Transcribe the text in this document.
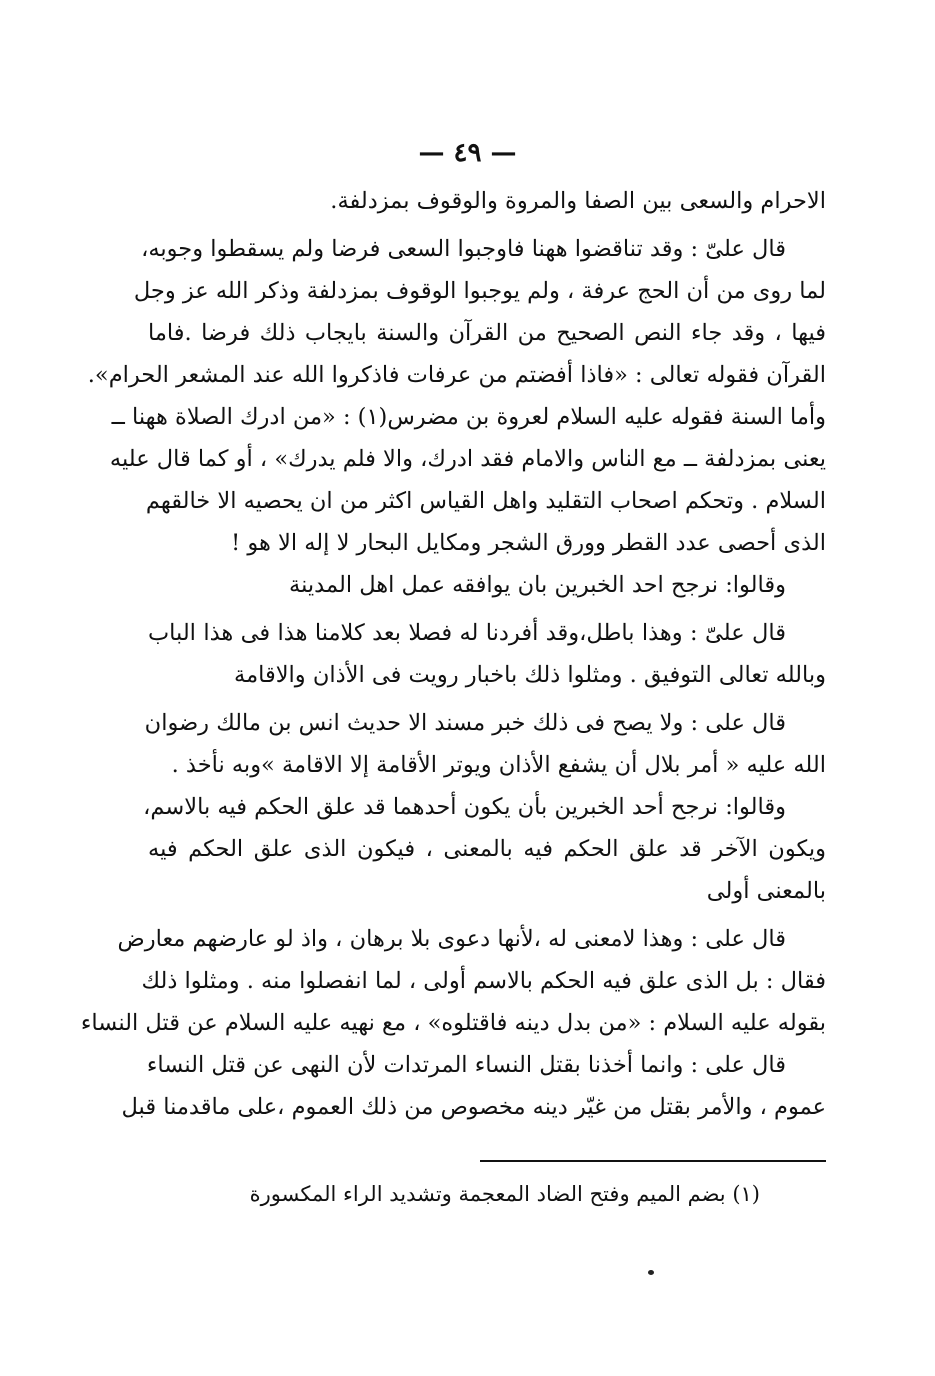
— ٤٩ —
الاحرام والسعى بين الصفا والمروة والوقوف بمزدلفة.
قال علىّ : وقد تناقضوا ههنا فاوجبوا السعى فرضا ولم يسقطوا وجوبه،
لما روى من أن الحج عرفة ، ولم يوجبوا الوقوف بمزدلفة وذكر الله عز وجل
فيها ، وقد جاء النص الصحيح من القرآن والسنة بايجاب ذلك فرضا .فاما
القرآن فقوله تعالى : «فاذا أفضتم من عرفات فاذكروا الله عند المشعر الحرام».
وأما السنة فقوله عليه السلام لعروة بن مضرس(١) : «من ادرك الصلاة ههنا ــ
يعنى بمزدلفة ــ مع الناس والامام فقد ادرك، والا فلم يدرك» ، أو كما قال عليه
السلام . وتحكم اصحاب التقليد واهل القياس اكثر من ان يحصيه الا خالقهم
الذى أحصى عدد القطر وورق الشجر ومكايل البحار لا إله الا هو !
وقالوا: نرجح احد الخبرين بان يوافقه عمل اهل المدينة
قال علىّ : وهذا باطل،وقد أفردنا له فصلا بعد كلامنا هذا فى هذا الباب
وبالله تعالى التوفيق . ومثلوا ذلك باخبار رويت فى الأذان والاقامة
قال على : ولا يصح فى ذلك خبر مسند الا حديث انس بن مالك رضوان
الله عليه « أمر بلال أن يشفع الأذان ويوتر الأقامة إلا الاقامة »وبه نأخذ .
وقالوا: نرجح أحد الخبرين بأن يكون أحدهما قد علق الحكم فيه بالاسم،
ويكون الآخر قد علق الحكم فيه بالمعنى ، فيكون الذى علق الحكم فيه
بالمعنى أولى
قال على : وهذا لامعنى له ،لأنها دعوى بلا برهان ، واذ لو عارضهم معارض
فقال : بل الذى علق فيه الحكم بالاسم أولى ، لما انفصلوا منه . ومثلوا ذلك
بقوله عليه السلام : «من بدل دينه فاقتلوه» ، مع نهيه عليه السلام عن قتل النساء
قال على : وانما أخذنا بقتل النساء المرتدات لأن النهى عن قتل النساء
عموم ، والأمر بقتل من غيّر دينه مخصوص من ذلك العموم ،على ماقدمنا قبل
(١) بضم الميم وفتح الضاد المعجمة وتشديد الراء المكسورة
